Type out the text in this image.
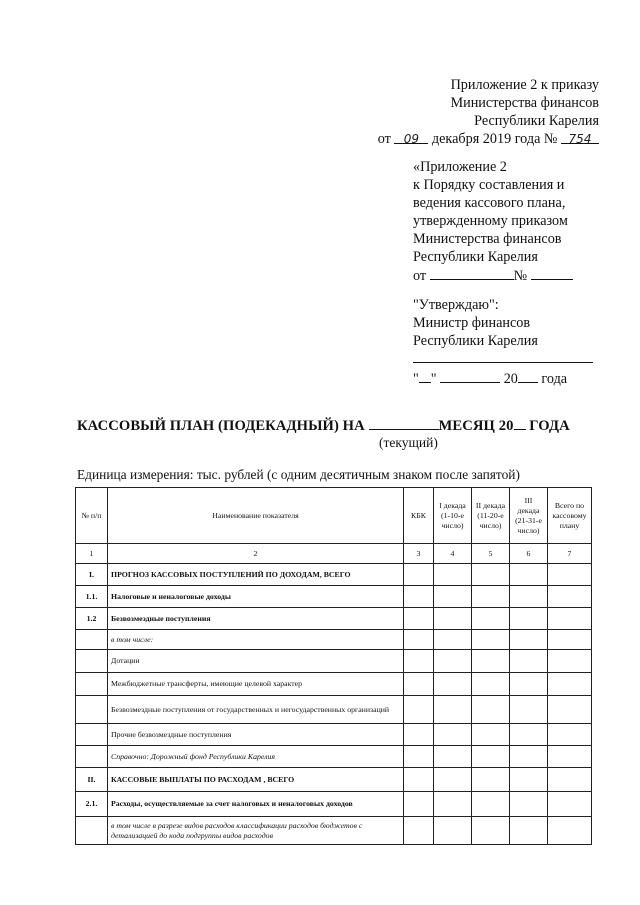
Приложение 2 к приказу
Министерства финансов
Республики Карелия
от 09 декабря 2019 года № 754
«Приложение 2
к Порядку составления и
ведения кассового плана,
утвержденному приказом
Министерства финансов
Республики Карелия
от	№
"Утверждаю":
Министр финансов
Республики Карелия
" "	20 года
КАССОВЫЙ ПЛАН (ПОДЕКАДНЫЙ) НА	МЕСЯЦ 20 ГОДА
(текущий)
Единица измерения: тыс. рублей (с одним десятичным знаком после запятой)
№ п/п	Наименование показателя	КБК	I декада (1-10-е число)	II декада (11-20-е число)	III декада (21-31-е число)	Всего по кассовому плану
1	2	3	4	5	6	7
I.	ПРОГНОЗ КАССОВЫХ ПОСТУПЛЕНИЙ ПО ДОХОДАМ, ВСЕГО					
1.1.	Налоговые и неналоговые доходы					
1.2	Безвозмездные поступления					
	в том числе:					
	Дотации					
	Межбюджетные трансферты, имеющие целевой характер					
	Безвозмездные поступления от государственных и негосударственных организаций					
	Прочие безвозмездные поступления					
	Справочно: Дорожный фонд Республики Карелия					
II.	КАССОВЫЕ ВЫПЛАТЫ ПО РАСХОДАМ , ВСЕГО					
2.1.	Расходы, осуществляемые за счет налоговых и неналоговых доходов					
	в том числе в разрезе видов расходов классификации расходов бюджетов с детализацией до кода подгруппы видов расходов					
